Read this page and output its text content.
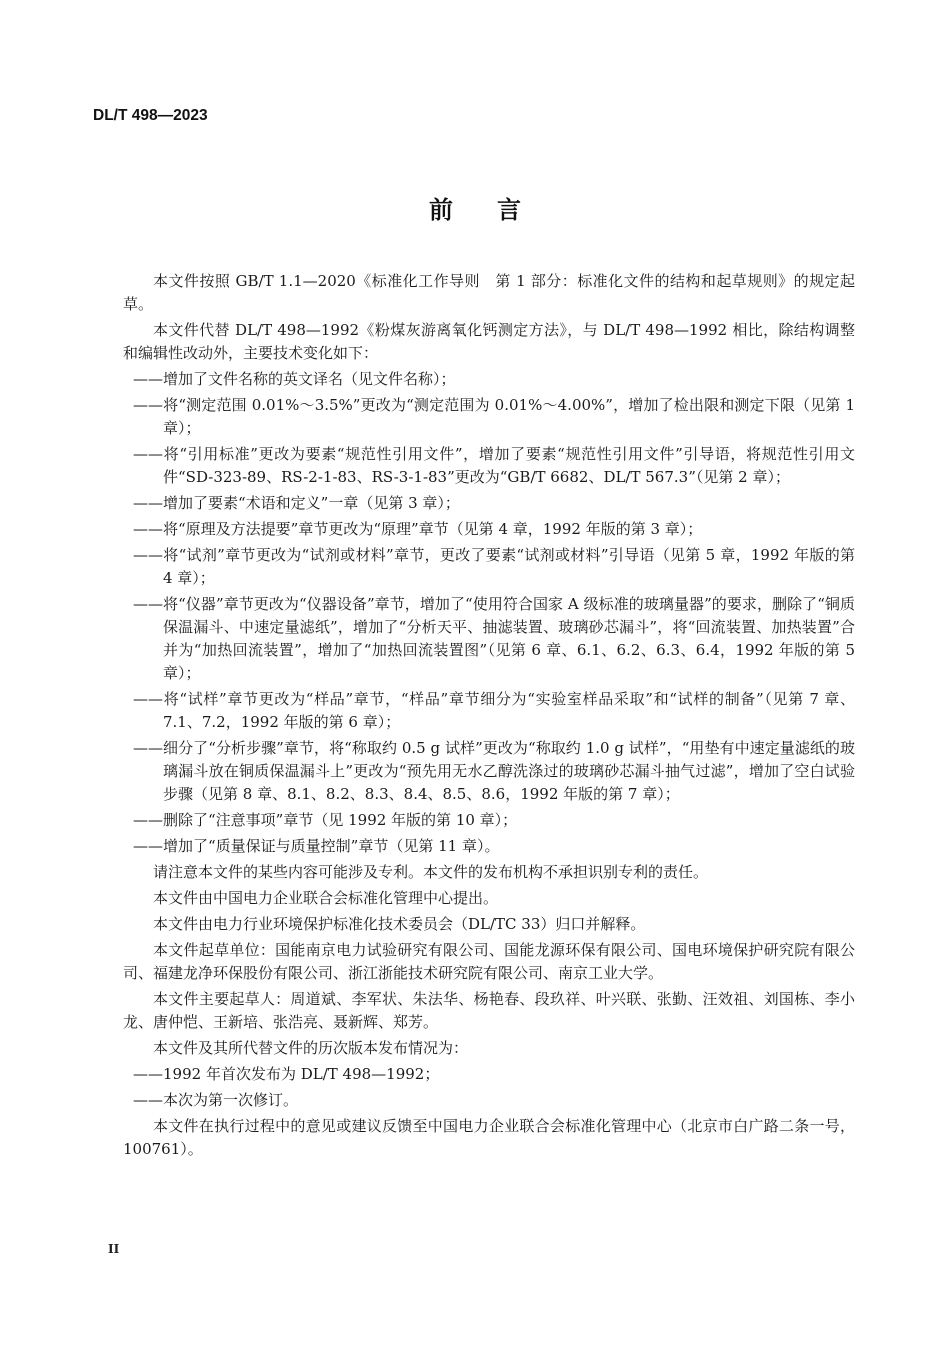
DL/T 498—2023
前言

本文件按照 GB/T 1.1—2020《标准化工作导则　第 1 部分：标准化文件的结构和起草规则》的规定起草。

本文件代替 DL/T 498—1992《粉煤灰游离氧化钙测定方法》，与 DL/T 498—1992 相比，除结构调整和编辑性改动外，主要技术变化如下：

——增加了文件名称的英文译名（见文件名称）；

——将“测定范围 0.01%～3.5%”更改为“测定范围为 0.01%～4.00%”，增加了检出限和测定下限（见第 1 章）；

——将“引用标准”更改为要素“规范性引用文件”，增加了要素“规范性引用文件”引导语，将规范性引用文件“SD-323-89、RS-2-1-83、RS-3-1-83”更改为“GB/T 6682、DL/T 567.3”（见第 2 章）；

——增加了要素“术语和定义”一章（见第 3 章）；

——将“原理及方法提要”章节更改为“原理”章节（见第 4 章，1992 年版的第 3 章）；

——将“试剂”章节更改为“试剂或材料”章节，更改了要素“试剂或材料”引导语（见第 5 章，1992 年版的第 4 章）；

——将“仪器”章节更改为“仪器设备”章节，增加了“使用符合国家 A 级标准的玻璃量器”的要求，删除了“铜质保温漏斗、中速定量滤纸”，增加了“分析天平、抽滤装置、玻璃砂芯漏斗”，将“回流装置、加热装置”合并为“加热回流装置”，增加了“加热回流装置图”（见第 6 章、6.1、6.2、6.3、6.4，1992 年版的第 5 章）；

——将“试样”章节更改为“样品”章节，“样品”章节细分为“实验室样品采取”和“试样的制备”（见第 7 章、7.1、7.2，1992 年版的第 6 章）；

——细分了“分析步骤”章节，将“称取约 0.5 g 试样”更改为“称取约 1.0 g 试样”，“用垫有中速定量滤纸的玻璃漏斗放在铜质保温漏斗上”更改为“预先用无水乙醇洗涤过的玻璃砂芯漏斗抽气过滤”，增加了空白试验步骤（见第 8 章、8.1、8.2、8.3、8.4、8.5、8.6，1992 年版的第 7 章）；

——删除了“注意事项”章节（见 1992 年版的第 10 章）；

——增加了“质量保证与质量控制”章节（见第 11 章）。

请注意本文件的某些内容可能涉及专利。本文件的发布机构不承担识别专利的责任。

本文件由中国电力企业联合会标准化管理中心提出。

本文件由电力行业环境保护标准化技术委员会（DL/TC 33）归口并解释。

本文件起草单位：国能南京电力试验研究有限公司、国能龙源环保有限公司、国电环境保护研究院有限公司、福建龙净环保股份有限公司、浙江浙能技术研究院有限公司、南京工业大学。

本文件主要起草人：周道斌、李军状、朱法华、杨艳春、段玖祥、叶兴联、张勤、汪效祖、刘国栋、李小龙、唐仲恺、王新培、张浩亮、聂新辉、郑芳。

本文件及其所代替文件的历次版本发布情况为：

——1992 年首次发布为 DL/T 498—1992；

——本次为第一次修订。

本文件在执行过程中的意见或建议反馈至中国电力企业联合会标准化管理中心（北京市白广路二条一号，100761）。

II
